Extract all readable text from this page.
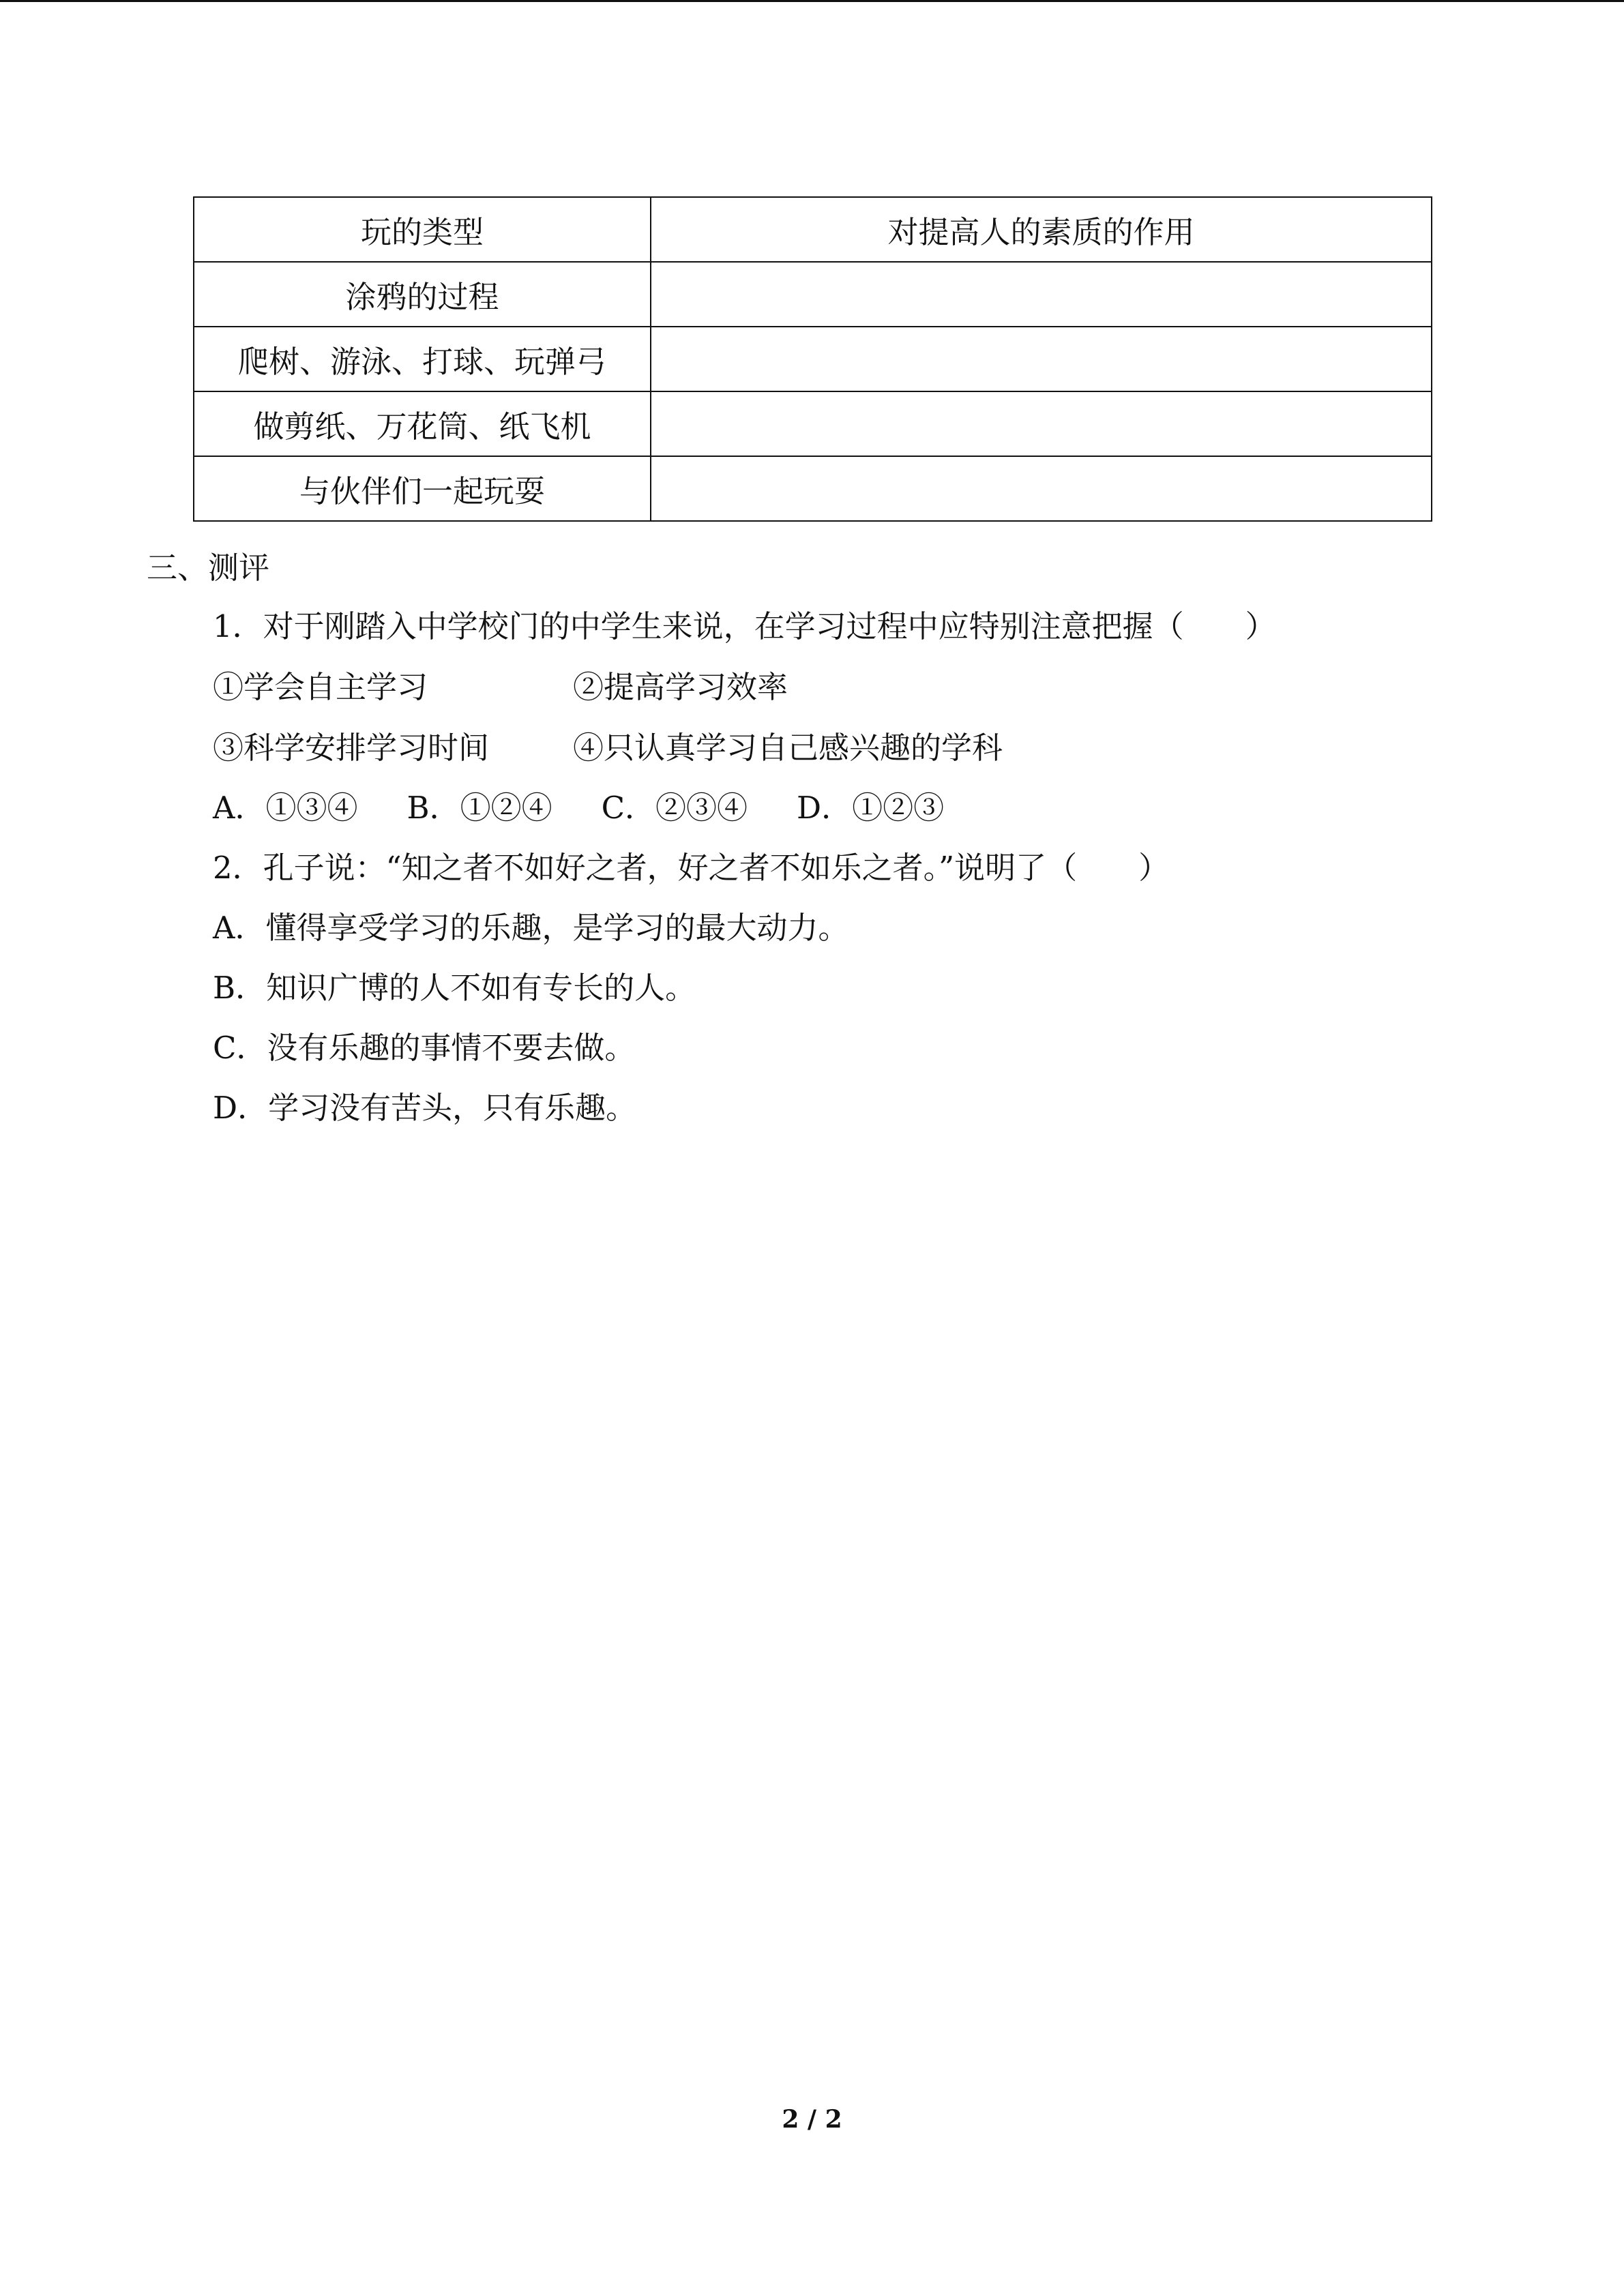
玩的类型	对提高人的素质的作用
涂鸦的过程	
爬树、游泳、打球、玩弹弓	
做剪纸、万花筒、纸飞机	
与伙伴们一起玩耍	
三、测评
1．对于刚踏入中学校门的中学生来说，在学习过程中应特别注意把握（　　）
①学会自主学习	②提高学习效率
③科学安排学习时间	④只认真学习自己感兴趣的学科
A．①③④ B．①②④ C．②③④ D．①②③
2．孔子说：“知之者不如好之者，好之者不如乐之者。”说明了（　　）
A．懂得享受学习的乐趣，是学习的最大动力。
B．知识广博的人不如有专长的人。
C．没有乐趣的事情不要去做。
D．学习没有苦头，只有乐趣。
2 / 2
